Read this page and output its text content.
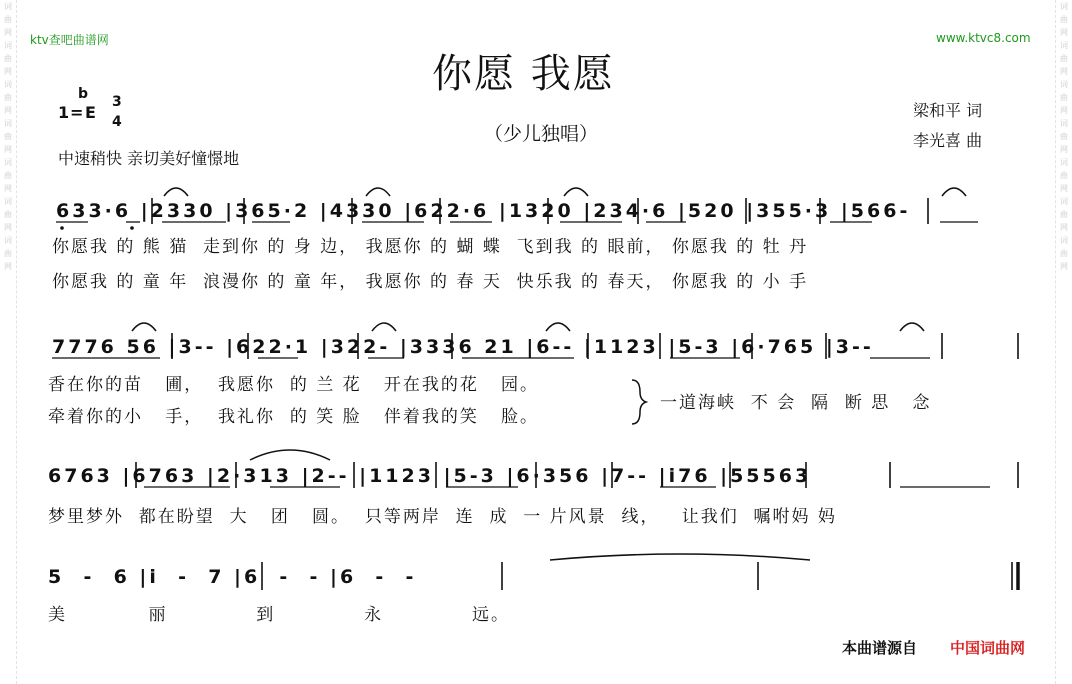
词
曲
网
词
曲
网
词
曲
网
词
曲
网
词
曲
网
词
曲
网
词
曲
网
词
曲
网
词
曲
网
词
曲
网
词
曲
网
词
曲
网
词
曲
网
词
曲
网
ktv查吧曲谱网	www.ktvc8.com
你愿 我愿
（少儿独唱）
梁和平 词
李光喜 曲
b
1 = E
3
4
中速稍快 亲切美好憧憬地
633·6 |2330 |365·2 |4330 |622·6 |1320 |234·6 |520 |355·3 |566-
7776 56 |3-- |622·1 |322- |3336 21 |6-- |1123 |5-3 |6·765 |3--
6763 |6763 |2·313 |2-- |1123 |5-3 |6·356 |7-- |i76 |55563
5  -  6 |i  -  7 |6  -  - |6  -  -
你愿我 的 熊 猫  走到你 的 身 边， 我愿你 的 蝴 蝶  飞到我 的 眼前， 你愿我 的 牡 丹
你愿我 的 童 年  浪漫你 的 童 年， 我愿你 的 春 天  快乐我 的 春天， 你愿我 的 小 手
香在你的苗   圃，  我愿你  的 兰 花   开在我的花   园。
牵着你的小   手，  我礼你  的 笑 脸   伴着我的笑   脸。
一道海峡  不 会  隔  断 思   念
梦里梦外  都在盼望  大   团   圆。  只等两岸  连  成  一 片风景  线，   让我们  嘱咐妈 妈
美           丽            到            永            远。
本曲谱源自 中国词曲网
